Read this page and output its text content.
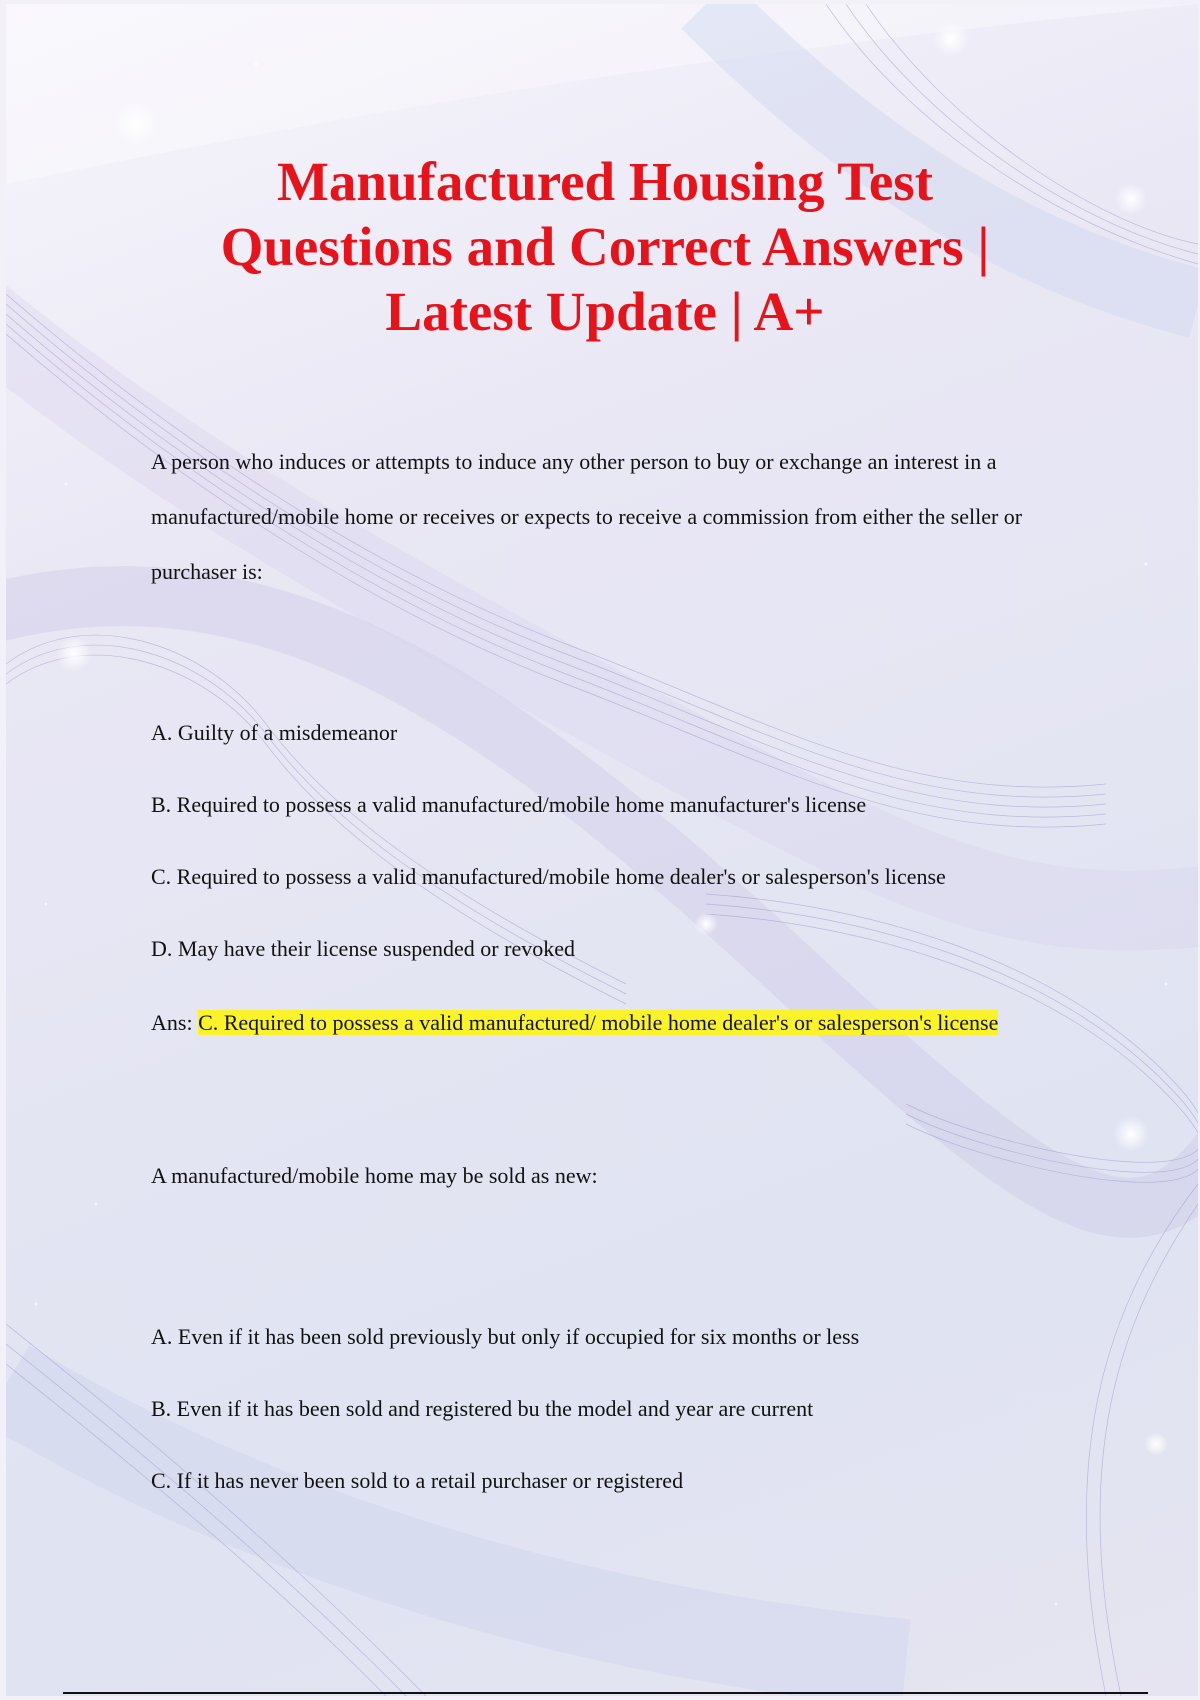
Manufactured Housing Test
Questions and Correct Answers |
Latest Update | A+

A person who induces or attempts to induce any other person to buy or exchange an interest in a manufactured/mobile home or receives or expects to receive a commission from either the seller or purchaser is:

A. Guilty of a misdemeanor

B. Required to possess a valid manufactured/mobile home manufacturer's license

C. Required to possess a valid manufactured/mobile home dealer's or salesperson's license

D. May have their license suspended or revoked

Ans: C. Required to possess a valid manufactured/ mobile home dealer's or salesperson's license

A manufactured/mobile home may be sold as new:

A. Even if it has been sold previously but only if occupied for six months or less

B. Even if it has been sold and registered bu the model and year are current

C. If it has never been sold to a retail purchaser or registered
